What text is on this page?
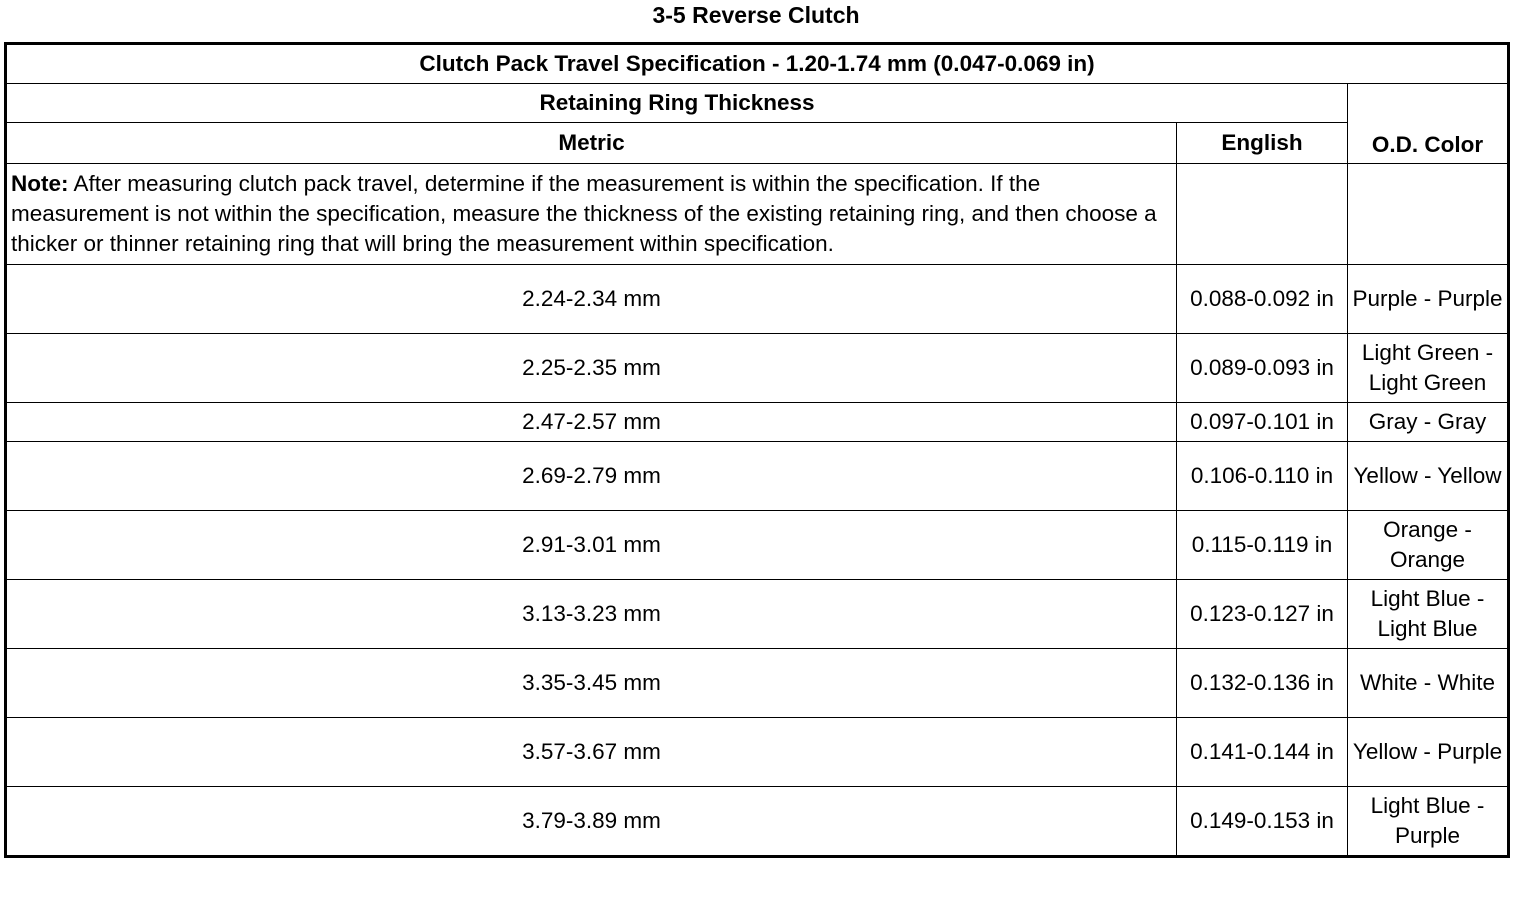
3-5 Reverse Clutch
Clutch Pack Travel Specification - 1.20-1.74 mm (0.047-0.069 in)		
Retaining Ring Thickness		O.D. Color
Metric	English	
Note: After measuring clutch pack travel, determine if the measurement is within the specification. If the measurement is not within the specification, measure the thickness of the existing retaining ring, and then choose a thicker or thinner retaining ring that will bring the measurement within specification.		
2.24-2.34 mm	0.088-0.092 in	Purple - Purple
2.25-2.35 mm	0.089-0.093 in	Light Green - Light Green
2.47-2.57 mm	0.097-0.101 in	Gray - Gray
2.69-2.79 mm	0.106-0.110 in	Yellow - Yellow
2.91-3.01 mm	0.115-0.119 in	Orange - Orange
3.13-3.23 mm	0.123-0.127 in	Light Blue - Light Blue
3.35-3.45 mm	0.132-0.136 in	White - White
3.57-3.67 mm	0.141-0.144 in	Yellow - Purple
3.79-3.89 mm	0.149-0.153 in	Light Blue - Purple
